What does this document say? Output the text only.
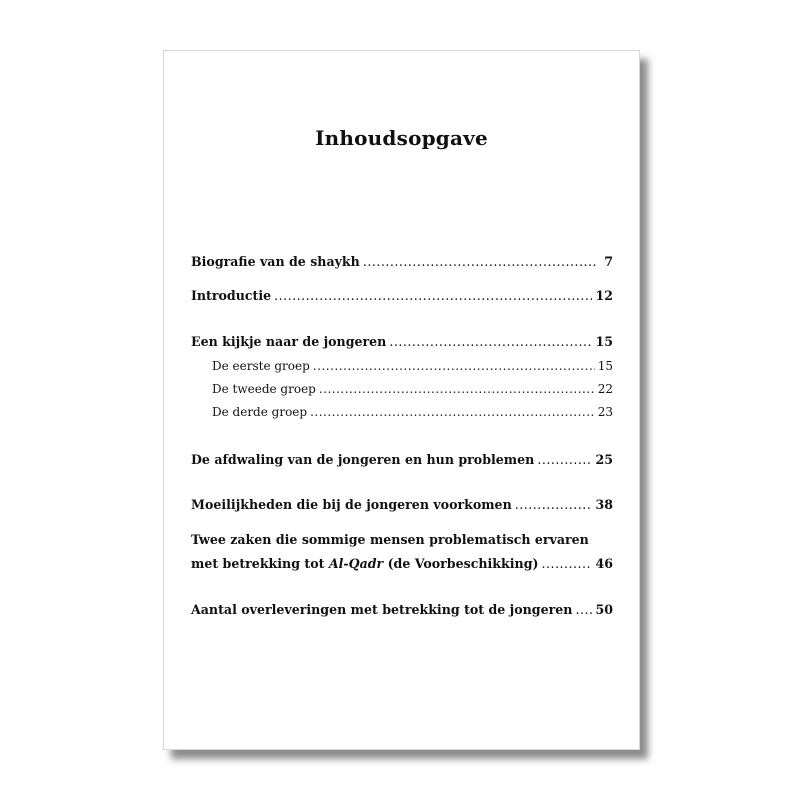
Inhoudsopgave
Biografie van de shaykh .....	7
Introductie .....	12
Een kijkje naar de jongeren .....	15
De eerste groep .....	15
De tweede groep .....	22
De derde groep .....	23
De afdwaling van de jongeren en hun problemen .....	25
Moeilijkheden die bij de jongeren voorkomen .....	38
Twee zaken die sommige mensen problematisch ervaren
met betrekking tot Al-Qadr (de Voorbeschikking) .....	46
Aantal overleveringen met betrekking tot de jongeren ..... 50
